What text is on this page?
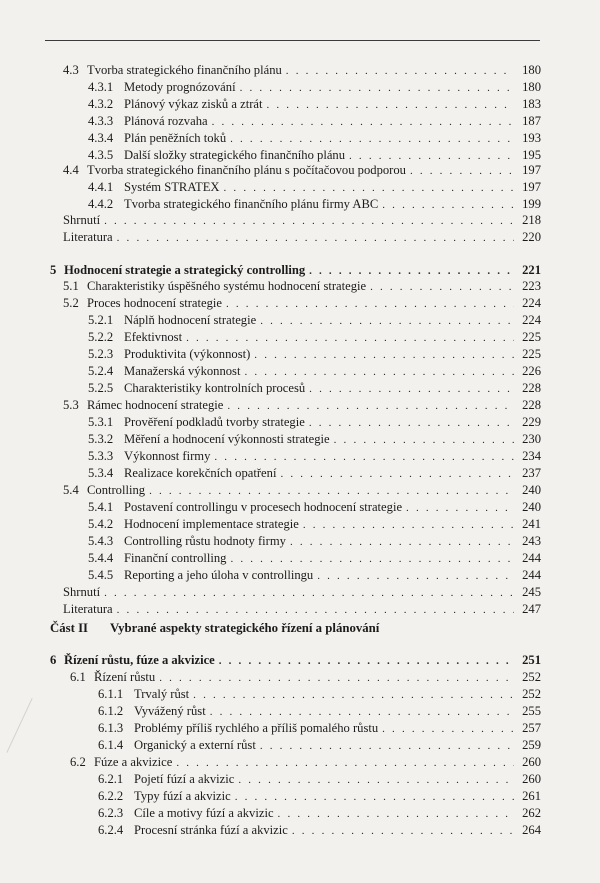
4.3 Tvorba strategického finančního plánu . . .	180
4.3.1 Metody prognózování . . .	180
4.3.2 Plánový výkaz zisků a ztrát . . .	183
4.3.3 Plánová rozvaha . . .	187
4.3.4 Plán peněžních toků . . .	193
4.3.5 Další složky strategického finančního plánu . . .	195
4.4 Tvorba strategického finančního plánu s počítačovou podporou . . .	197
4.4.1 Systém STRATEX . . .	197
4.4.2 Tvorba strategického finančního plánu firmy ABC . . .	199
Shrnutí . . .	218
Literatura . . .	220
5 Hodnocení strategie a strategický controlling . . .	221
5.1 Charakteristiky úspěšného systému hodnocení strategie . . .	223
5.2 Proces hodnocení strategie . . .	224
5.2.1 Náplň hodnocení strategie . . .	224
5.2.2 Efektivnost . . .	225
5.2.3 Produktivita (výkonnost) . . .	225
5.2.4 Manažerská výkonnost . . .	226
5.2.5 Charakteristiky kontrolních procesů . . .	228
5.3 Rámec hodnocení strategie . . .	228
5.3.1 Prověření podkladů tvorby strategie . . .	229
5.3.2 Měření a hodnocení výkonnosti strategie . . .	230
5.3.3 Výkonnost firmy . . .	234
5.3.4 Realizace korekčních opatření . . .	237
5.4 Controlling . . .	240
5.4.1 Postavení controllingu v procesech hodnocení strategie . . .	240
5.4.2 Hodnocení implementace strategie . . .	241
5.4.3 Controlling růstu hodnoty firmy . . .	243
5.4.4 Finanční controlling . . .	244
5.4.5 Reporting a jeho úloha v controllingu . . .	244
Shrnutí . . .	245
Literatura . . .	247
6 Řízení růstu, fúze a akvizice . . .	251
6.1 Řízení růstu . . .	252
6.1.1 Trvalý růst . . .	252
6.1.2 Vyvážený růst . . .	255
6.1.3 Problémy příliš rychlého a příliš pomalého růstu . . .	257
6.1.4 Organický a externí růst . . .	259
6.2 Fúze a akvizice . . .	260
6.2.1 Pojetí fúzí a akvizic . . .	260
6.2.2 Typy fúzí a akvizic . . .	261
6.2.3 Cíle a motivy fúzí a akvizic . . .	262
6.2.4 Procesní stránka fúzí a akvizic . . .	264
Část II Vybrané aspekty strategického řízení a plánování
